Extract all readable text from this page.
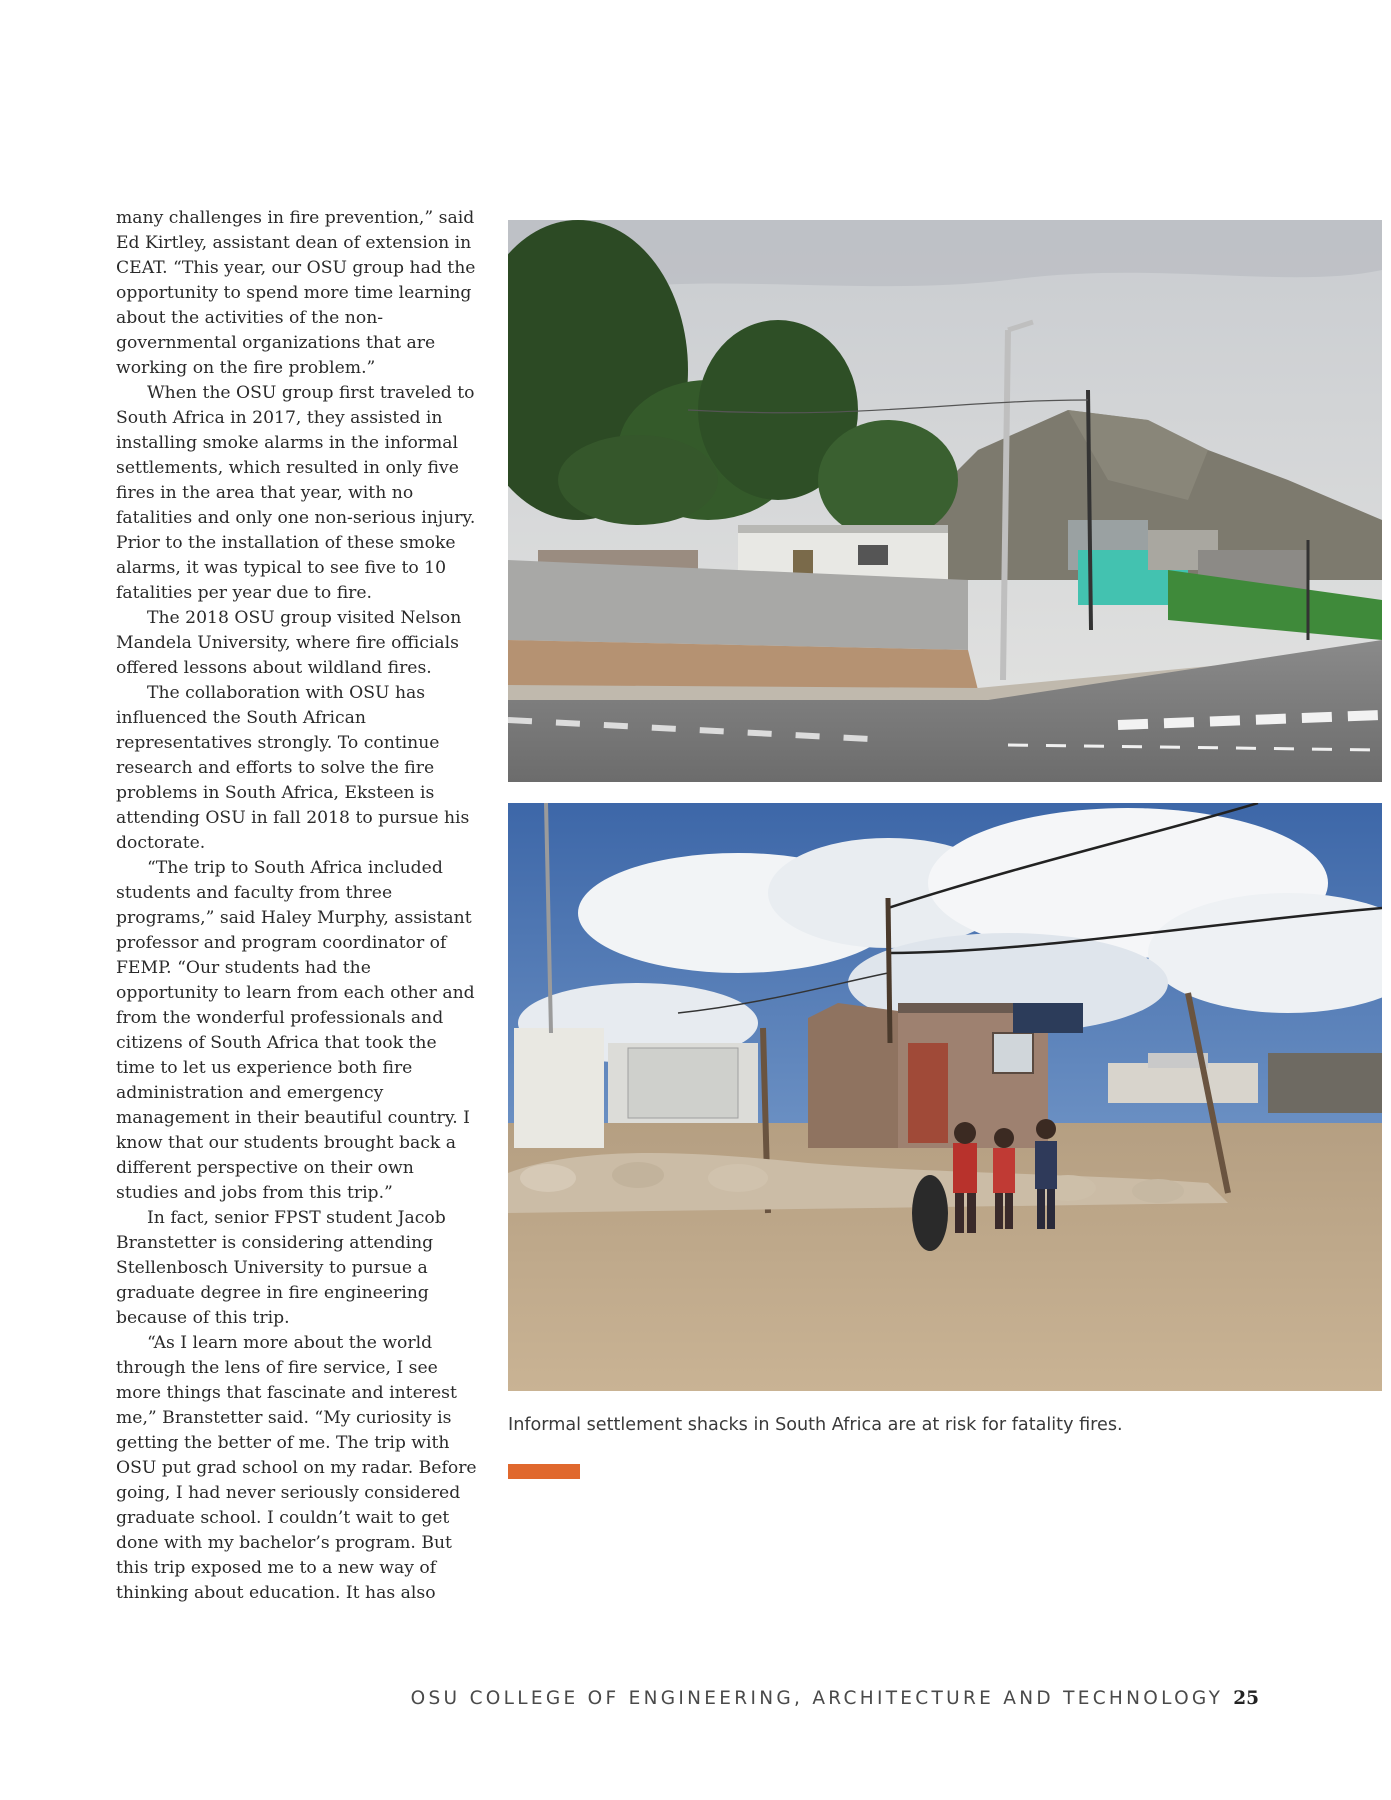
many challenges in fire prevention,” said Ed Kirtley, assistant dean of extension in CEAT. “This year, our OSU group had the opportunity to spend more time learning about the activities of the non-governmental organizations that are working on the fire problem.”

When the OSU group first traveled to South Africa in 2017, they assisted in installing smoke alarms in the informal settlements, which resulted in only five fires in the area that year, with no fatalities and only one non-serious injury. Prior to the installation of these smoke alarms, it was typical to see five to 10 fatalities per year due to fire.

The 2018 OSU group visited Nelson Mandela University, where fire officials offered lessons about wildland fires.

The collaboration with OSU has influenced the South African representatives strongly. To continue research and efforts to solve the fire problems in South Africa, Eksteen is attending OSU in fall 2018 to pursue his doctorate.

“The trip to South Africa included students and faculty from three programs,” said Haley Murphy, assistant professor and program coordinator of FEMP. “Our students had the opportunity to learn from each other and from the wonderful professionals and citizens of South Africa that took the time to let us experience both fire administration and emergency management in their beautiful country. I know that our students brought back a different perspective on their own studies and jobs from this trip.”

In fact, senior FPST student Jacob Branstetter is considering attending Stellenbosch University to pursue a graduate degree in fire engineering because of this trip.

“As I learn more about the world through the lens of fire service, I see more things that fascinate and interest me,” Branstetter said. “My curiosity is getting the better of me. The trip with OSU put grad school on my radar. Before going, I had never seriously considered graduate school. I couldn’t wait to get done with my bachelor’s program. But this trip exposed me to a new way of thinking about education. It has also

Informal settlement shacks in South Africa are at risk for fatality fires.
OSU COLLEGE OF ENGINEERING, ARCHITECTURE AND TECHNOLOGY 25
